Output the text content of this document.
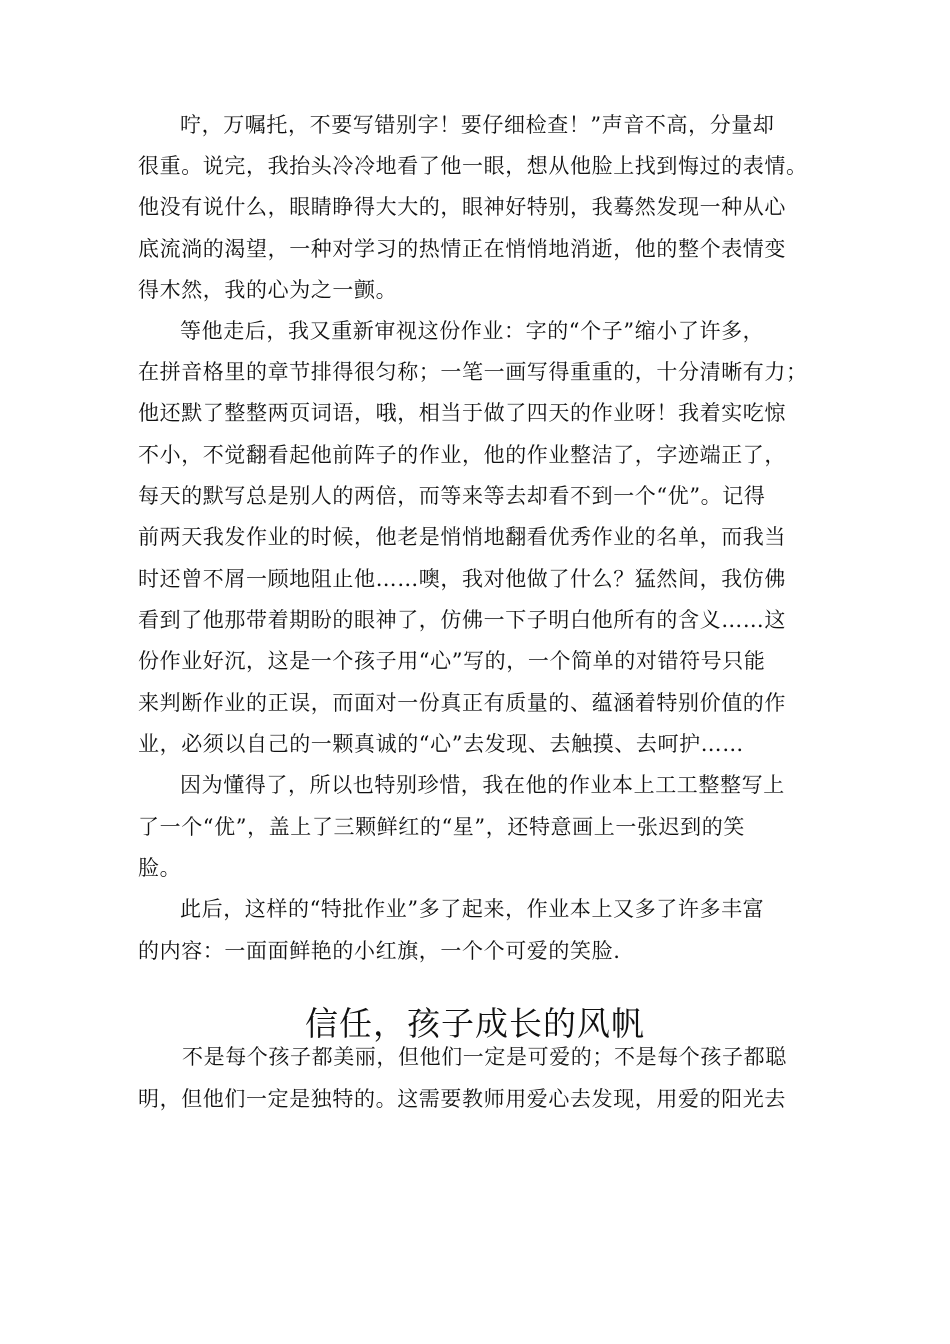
咛，万嘱托，不要写错别字！要仔细检查！”声音不高，分量却
很重。说完，我抬头冷冷地看了他一眼，想从他脸上找到悔过的表情。
他没有说什么，眼睛睁得大大的，眼神好特别，我蓦然发现一种从心
底流淌的渴望，一种对学习的热情正在悄悄地消逝，他的整个表情变
得木然，我的心为之一颤。
等他走后，我又重新审视这份作业：字的“个子”缩小了许多，
在拼音格里的章节排得很匀称；一笔一画写得重重的，十分清晰有力；
他还默了整整两页词语，哦，相当于做了四天的作业呀！我着实吃惊
不小，不觉翻看起他前阵子的作业，他的作业整洁了，字迹端正了，
每天的默写总是别人的两倍，而等来等去却看不到一个“优”。记得
前两天我发作业的时候，他老是悄悄地翻看优秀作业的名单，而我当
时还曾不屑一顾地阻止他……噢，我对他做了什么？猛然间，我仿佛
看到了他那带着期盼的眼神了，仿佛一下子明白他所有的含义……这
份作业好沉，这是一个孩子用“心”写的，一个简单的对错符号只能
来判断作业的正误，而面对一份真正有质量的、蕴涵着特别价值的作
业，必须以自己的一颗真诚的“心”去发现、去触摸、去呵护……
因为懂得了，所以也特别珍惜，我在他的作业本上工工整整写上
了一个“优”，盖上了三颗鲜红的“星”，还特意画上一张迟到的笑
脸。
此后，这样的“特批作业”多了起来，作业本上又多了许多丰富
的内容：一面面鲜艳的小红旗，一个个可爱的笑脸.
信任，孩子成长的风帆
不是每个孩子都美丽，但他们一定是可爱的；不是每个孩子都聪
明，但他们一定是独特的。这需要教师用爱心去发现，用爱的阳光去
